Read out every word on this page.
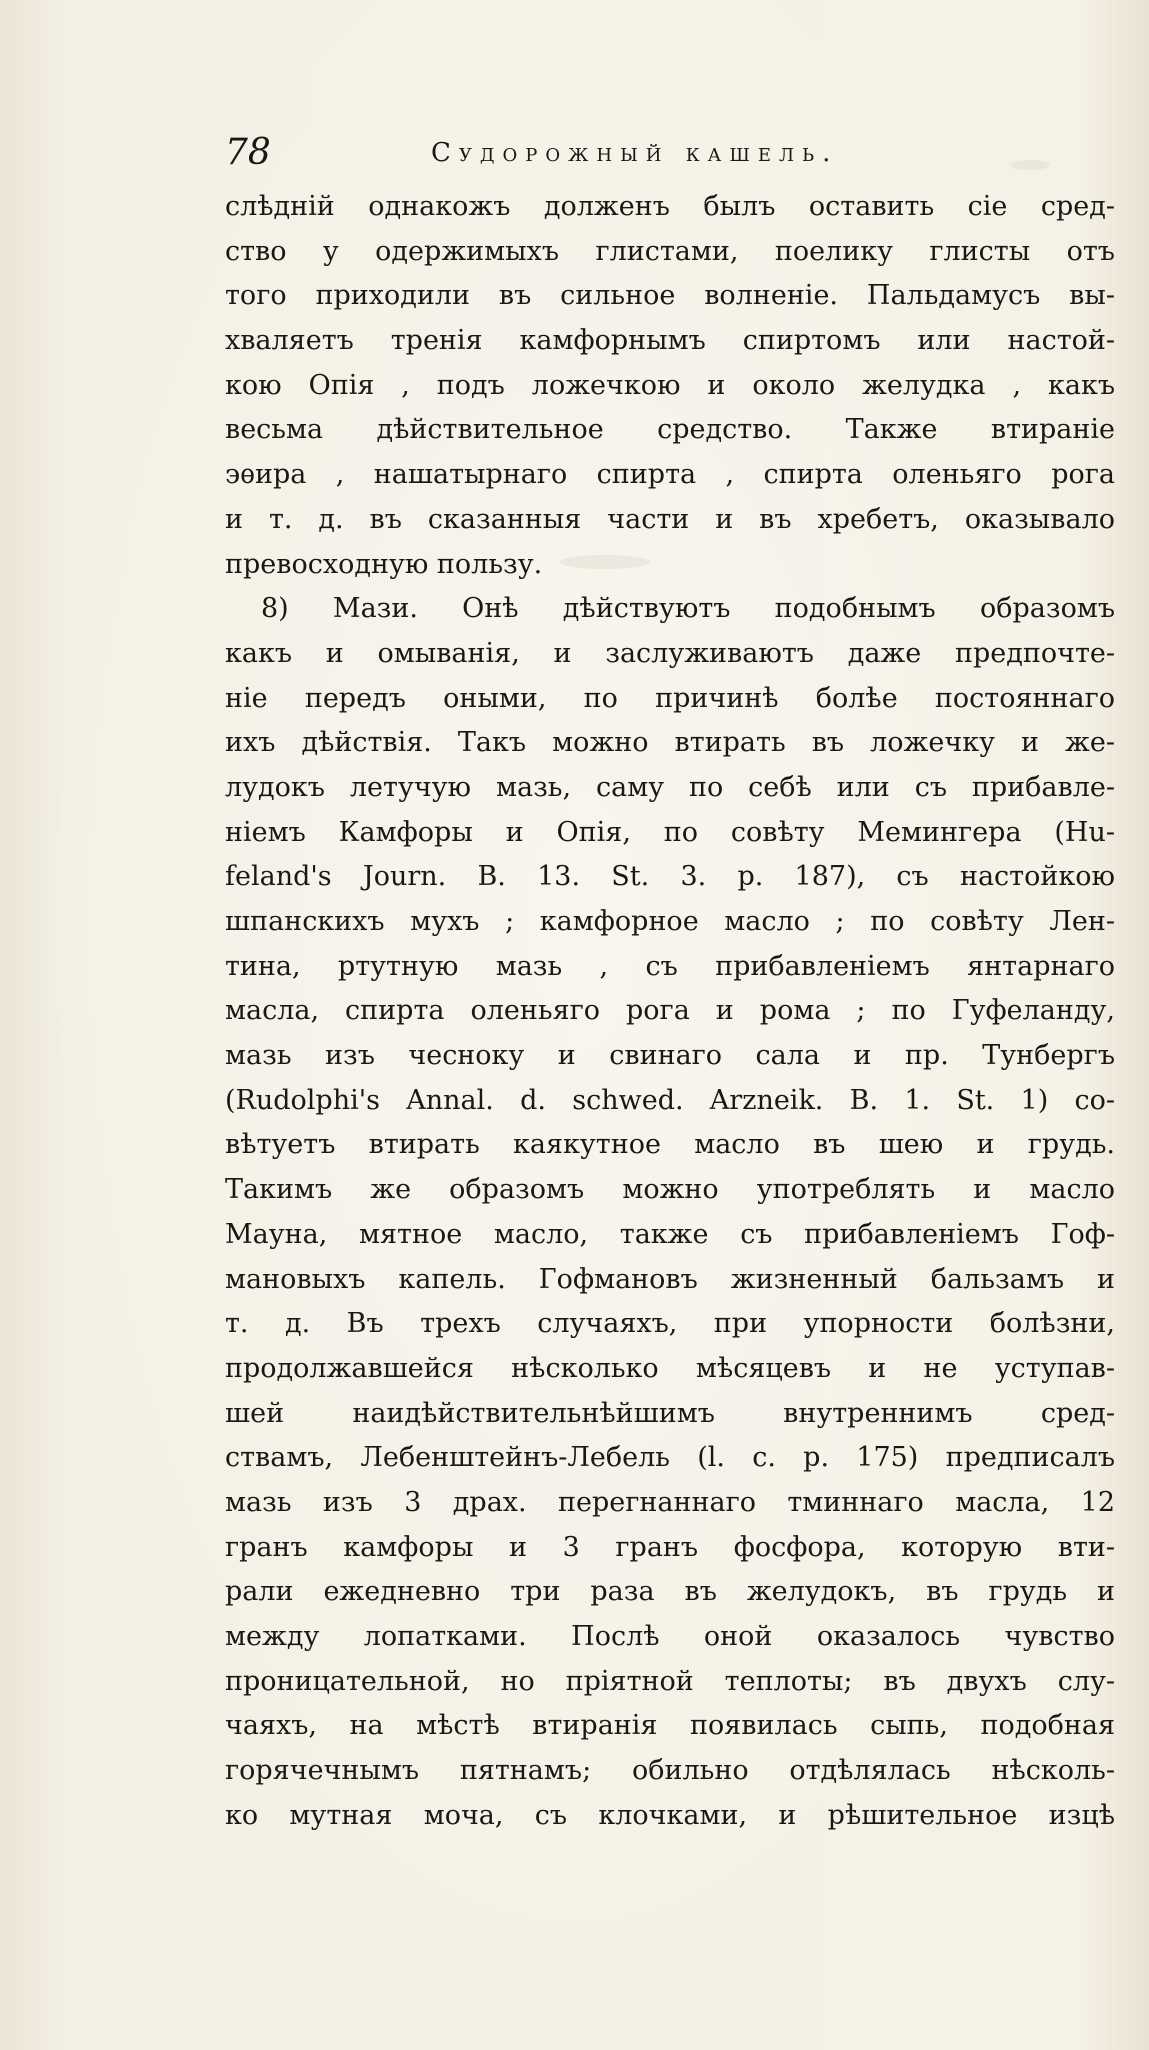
78	Судорожный кашель.
слѣдній однакожъ долженъ былъ оставить сіе сред-
ство у одержимыхъ глистами, поелику глисты отъ
того приходили въ сильное волненіе. Пальдамусъ вы-
хваляетъ тренія камфорнымъ спиртомъ или настой-
кою Опія , подъ ложечкою и около желудка , какъ
весьма дѣйствительное средство. Также втираніе
эѳира , нашатырнаго спирта , спирта оленьяго рога
и т. д. въ сказанныя части и въ хребетъ, оказывало
превосходную пользу.
8) Мази. Онѣ дѣйствуютъ подобнымъ образомъ
какъ и омыванія, и заслуживаютъ даже предпочте-
ніе передъ оными, по причинѣ болѣе постояннаго
ихъ дѣйствія. Такъ можно втирать въ ложечку и же-
лудокъ летучую мазь, саму по себѣ или съ прибавле-
ніемъ Камфоры и Опія, по совѣту Мемингера (Hu-
feland's Journ. B. 13. St. 3. p. 187), съ настойкою
шпанскихъ мухъ ; камфорное масло ; по совѣту Лен-
тина, ртутную мазь , съ прибавленіемъ янтарнаго
масла, спирта оленьяго рога и рома ; по Гуфеланду,
мазь изъ чесноку и свинаго сала и пр. Тунбергъ
(Rudolphi's Annal. d. schwed. Arzneik. B. 1. St. 1) со-
вѣтуетъ втирать каякутное масло въ шею и грудь.
Такимъ же образомъ можно употреблять и масло
Мауна, мятное масло, также съ прибавленіемъ Гоф-
мановыхъ капель. Гофмановъ жизненный бальзамъ и
т. д. Въ трехъ случаяхъ, при упорности болѣзни,
продолжавшейся нѣсколько мѣсяцевъ и не уступав-
шей наидѣйствительнѣйшимъ внутреннимъ сред-
ствамъ, Лебенштейнъ-Лебель (l. c. p. 175) предписалъ
мазь изъ 3 драх. перегнаннаго тминнаго масла, 12
гранъ камфоры и 3 гранъ фосфора, которую вти-
рали ежедневно три раза въ желудокъ, въ грудь и
между лопатками. Послѣ оной оказалось чувство
проницательной, но пріятной теплоты; въ двухъ слу-
чаяхъ, на мѣстѣ втиранія появилась сыпь, подобная
горячечнымъ пятнамъ; обильно отдѣлялась нѣсколь-
ко мутная моча, съ клочками, и рѣшительное изцѣ
